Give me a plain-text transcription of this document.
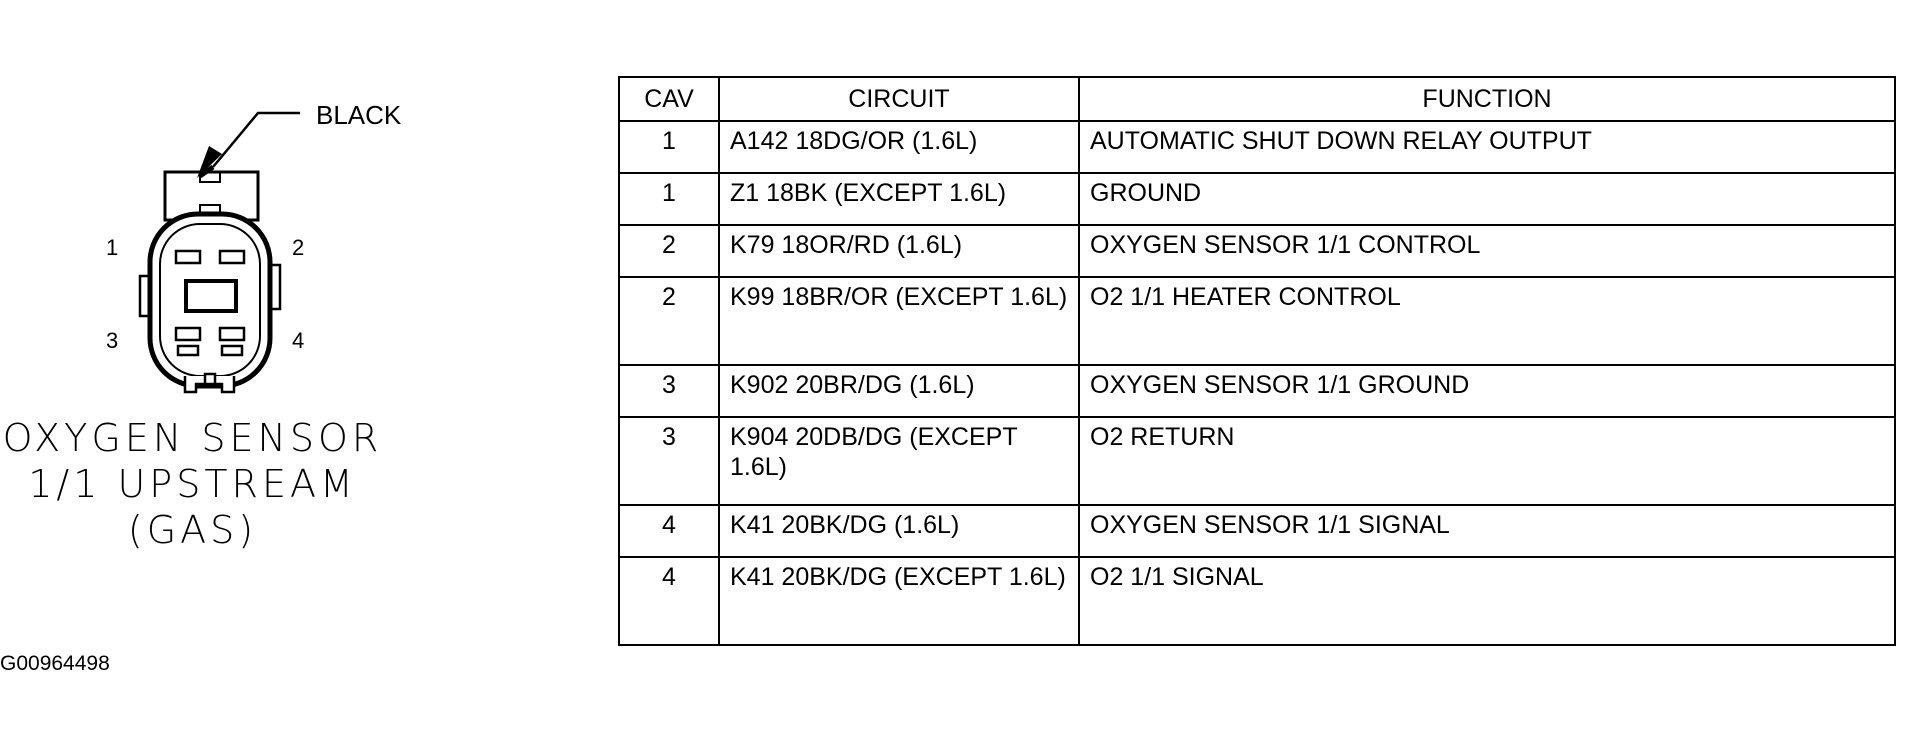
BLACK
1	2
3	4
OXYGEN SENSOR
1/1 UPSTREAM
(GAS)
CAV	CIRCUIT	FUNCTION
1	A142 18DG/OR (1.6L)	AUTOMATIC SHUT DOWN RELAY OUTPUT
1	Z1 18BK (EXCEPT 1.6L)	GROUND
2	K79 18OR/RD (1.6L)	OXYGEN SENSOR 1/1 CONTROL
2	K99 18BR/OR (EXCEPT 1.6L)	O2 1/1 HEATER CONTROL
3	K902 20BR/DG (1.6L)	OXYGEN SENSOR 1/1 GROUND
3	K904 20DB/DG (EXCEPT 1.6L)	O2 RETURN
4	K41 20BK/DG (1.6L)	OXYGEN SENSOR 1/1 SIGNAL
4	K41 20BK/DG (EXCEPT 1.6L)	O2 1/1 SIGNAL
G00964498
